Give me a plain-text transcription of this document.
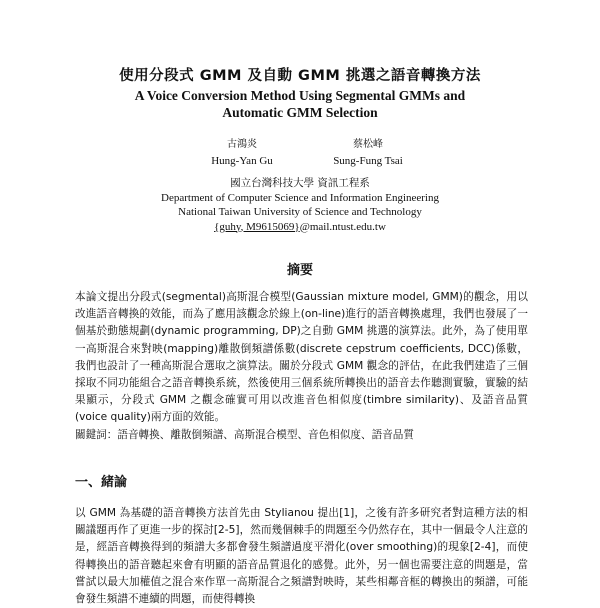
使用分段式 GMM 及自動 GMM 挑選之語音轉換方法
A Voice Conversion Method Using Segmental GMMs and
Automatic GMM Selection
古鴻炎
Hung-Yan Gu
蔡松峰
Sung-Fung Tsai
國立台灣科技大學 資訊工程系
Department of Computer Science and Information Engineering
National Taiwan University of Science and Technology
{guhy, M9615069}@mail.ntust.edu.tw
摘要

本論文提出分段式(segmental)高斯混合模型(Gaussian mixture model, GMM)的觀念，用以改進語音轉換的效能，而為了應用該觀念於線上(on-line)進行的語音轉換處理，我們也發展了一個基於動態規劃(dynamic programming, DP)之自動 GMM 挑選的演算法。此外，為了使用單一高斯混合來對映(mapping)離散倒頻譜係數(discrete cepstrum coefficients, DCC)係數，我們也設計了一種高斯混合選取之演算法。關於分段式 GMM 觀念的評估，在此我們建造了三個採取不同功能組合之語音轉換系統，然後使用三個系統所轉換出的語音去作聽測實驗，實驗的結果顯示，分段式 GMM 之觀念確實可用以改進音色相似度(timbre similarity)、及語音品質(voice quality)兩方面的效能。

關鍵詞：語音轉換、離散倒頻譜、高斯混合模型、音色相似度、語音品質

一、緒論

以 GMM 為基礎的語音轉換方法首先由 Stylianou 提出[1]，之後有許多研究者對這種方法的相關議題再作了更進一步的探討[2-5]，然而幾個棘手的問題至今仍然存在，其中一個最令人注意的是，經語音轉換得到的頻譜大多都會發生頻譜過度平滑化(over smoothing)的現象[2-4]，而使得轉換出的語音聽起來會有明顯的語音品質退化的感覺。此外，另一個也需要注意的問題是，當嘗試以最大加權值之混合來作單一高斯混合之頻譜對映時，某些相鄰音框的轉換出的頻譜，可能會發生頻譜不連續的問題，而使得轉換
